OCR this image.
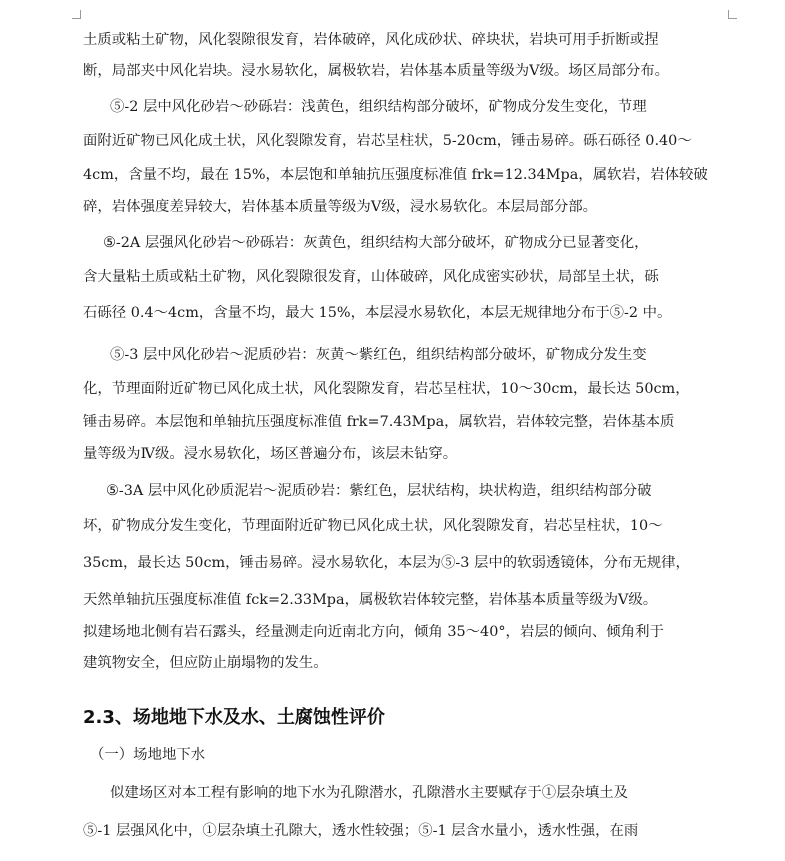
土质或粘土矿物，风化裂隙很发育，岩体破碎，风化成砂状、碎块状，岩块可用手折断或捏
断，局部夹中风化岩块。浸水易软化，属极软岩，岩体基本质量等级为Ⅴ级。场区局部分布。
⑤-2 层中风化砂岩～砂砾岩：浅黄色，组织结构部分破坏，矿物成分发生变化，节理
面附近矿物已风化成土状，风化裂隙发育，岩芯呈柱状，5-20cm，锤击易碎。砾石砾径 0.40～
4cm，含量不均，最在 15%，本层饱和单轴抗压强度标准值 frk=12.34Mpa，属软岩，岩体较破
碎，岩体强度差异较大，岩体基本质量等级为Ⅴ级，浸水易软化。本层局部分部。
⑤-2A 层强风化砂岩～砂砾岩：灰黄色，组织结构大部分破坏，矿物成分已显著变化，
含大量粘土质或粘土矿物，风化裂隙很发育，山体破碎，风化成密实砂状，局部呈土状，砾
石砾径 0.4～4cm，含量不均，最大 15%，本层浸水易软化，本层无规律地分布于⑤-2 中。
⑤-3 层中风化砂岩～泥质砂岩：灰黄～紫红色，组织结构部分破坏，矿物成分发生变
化，节理面附近矿物已风化成土状，风化裂隙发育，岩芯呈柱状，10～30cm，最长达 50cm，
锤击易碎。本层饱和单轴抗压强度标准值 frk=7.43Mpa，属软岩，岩体较完整，岩体基本质
量等级为Ⅳ级。浸水易软化，场区普遍分布，该层未钻穿。
⑤-3A 层中风化砂质泥岩～泥质砂岩：紫红色，层状结构，块状构造，组织结构部分破
坏，矿物成分发生变化，节理面附近矿物已风化成土状，风化裂隙发育，岩芯呈柱状，10～
35cm，最长达 50cm，锤击易碎。浸水易软化，本层为⑤-3 层中的软弱透镜体，分布无规律，
天然单轴抗压强度标准值 fck=2.33Mpa，属极软岩体较完整，岩体基本质量等级为Ⅴ级。
拟建场地北侧有岩石露头，经量测走向近南北方向，倾角 35～40°，岩层的倾向、倾角利于
建筑物安全，但应防止崩塌物的发生。
2.3、场地地下水及水、土腐蚀性评价
（一）场地地下水
似建场区对本工程有影响的地下水为孔隙潜水，孔隙潜水主要赋存于①层杂填土及
⑤-1 层强风化中，①层杂填土孔隙大，透水性较强；⑤-1 层含水量小，透水性强，在雨
